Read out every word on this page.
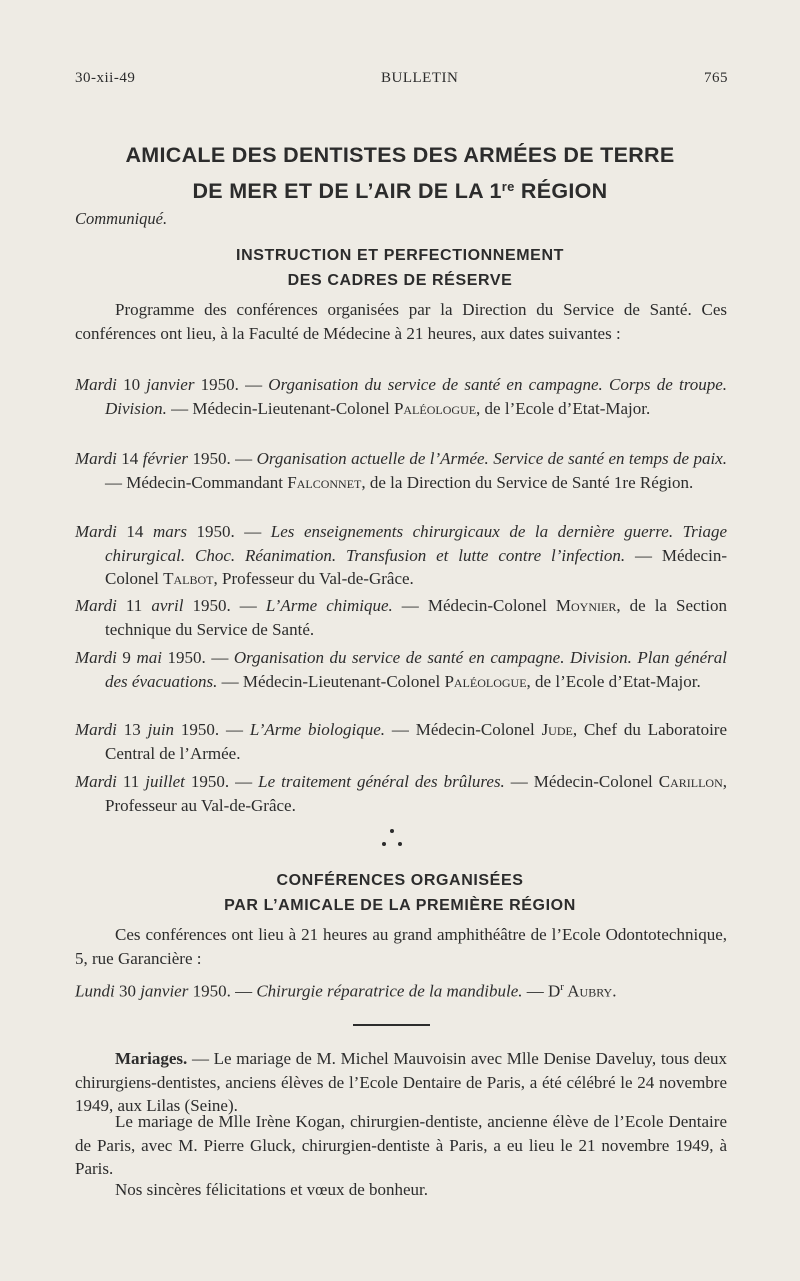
30-xii-49	BULLETIN	765
AMICALE DES DENTISTES DES ARMÉES DE TERRE
DE MER ET DE L’AIR DE LA 1re RÉGION
Communiqué.
INSTRUCTION ET PERFECTIONNEMENT
DES CADRES DE RÉSERVE
Programme des conférences organisées par la Direction du Service de Santé. Ces conférences ont lieu, à la Faculté de Médecine à 21 heures, aux dates suivantes :
Mardi 10 janvier 1950. — Organisation du service de santé en campagne. Corps de troupe. Division. — Médecin-Lieutenant-Colonel Paléologue, de l’Ecole d’Etat-Major.
Mardi 14 février 1950. — Organisation actuelle de l’Armée. Service de santé en temps de paix. — Médecin-Commandant Falconnet, de la Direction du Service de Santé 1re Région.
Mardi 14 mars 1950. — Les enseignements chirurgicaux de la dernière guerre. Triage chirurgical. Choc. Réanimation. Transfusion et lutte contre l’infection. — Médecin-Colonel Talbot, Professeur du Val-de-Grâce.
Mardi 11 avril 1950. — L’Arme chimique. — Médecin-Colonel Moynier, de la Section technique du Service de Santé.
Mardi 9 mai 1950. — Organisation du service de santé en campagne. Division. Plan général des évacuations. — Médecin-Lieutenant-Colonel Paléologue, de l’Ecole d’Etat-Major.
Mardi 13 juin 1950. — L’Arme biologique. — Médecin-Colonel Jude, Chef du Laboratoire Central de l’Armée.
Mardi 11 juillet 1950. — Le traitement général des brûlures. — Médecin-Colonel Carillon, Professeur au Val-de-Grâce.
CONFÉRENCES ORGANISÉES
PAR L’AMICALE DE LA PREMIÈRE RÉGION
Ces conférences ont lieu à 21 heures au grand amphithéâtre de l’Ecole Odontotechnique, 5, rue Garancière :
Lundi 30 janvier 1950. — Chirurgie réparatrice de la mandibule. — $D^r$ Aubry.
Mariages. — Le mariage de M. Michel Mauvoisin avec Mlle Denise Daveluy, tous deux chirurgiens-dentistes, anciens élèves de l’Ecole Dentaire de Paris, a été célébré le 24 novembre 1949, aux Lilas (Seine).
Le mariage de Mlle Irène Kogan, chirurgien-dentiste, ancienne élève de l’Ecole Dentaire de Paris, avec M. Pierre Gluck, chirurgien-dentiste à Paris, a eu lieu le 21 novembre 1949, à Paris.
Nos sincères félicitations et vœux de bonheur.
